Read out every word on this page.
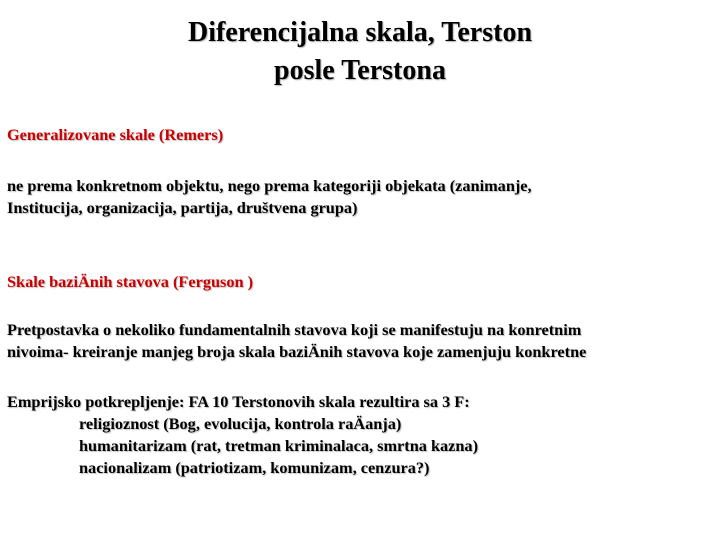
Diferencijalna skala, Terston
posle Terstona
Generalizovane skale (Remers)
ne prema konkretnom objektu, nego prema kategoriji objekata (zanimanje,
Institucija, organizacija, partija, društvena grupa)
Skale baziÄnih stavova (Ferguson )
Pretpostavka o nekoliko fundamentalnih stavova koji se manifestuju na konretnim
nivoima- kreiranje manjeg broja skala baziÄnih stavova koje zamenjuju konkretne
Emprijsko potkrepljenje: FA 10 Terstonovih skala rezultira sa 3 F:
religioznost (Bog, evolucija, kontrola raÄanja)
humanitarizam (rat, tretman kriminalaca, smrtna kazna)
nacionalizam (patriotizam, komunizam, cenzura?)
